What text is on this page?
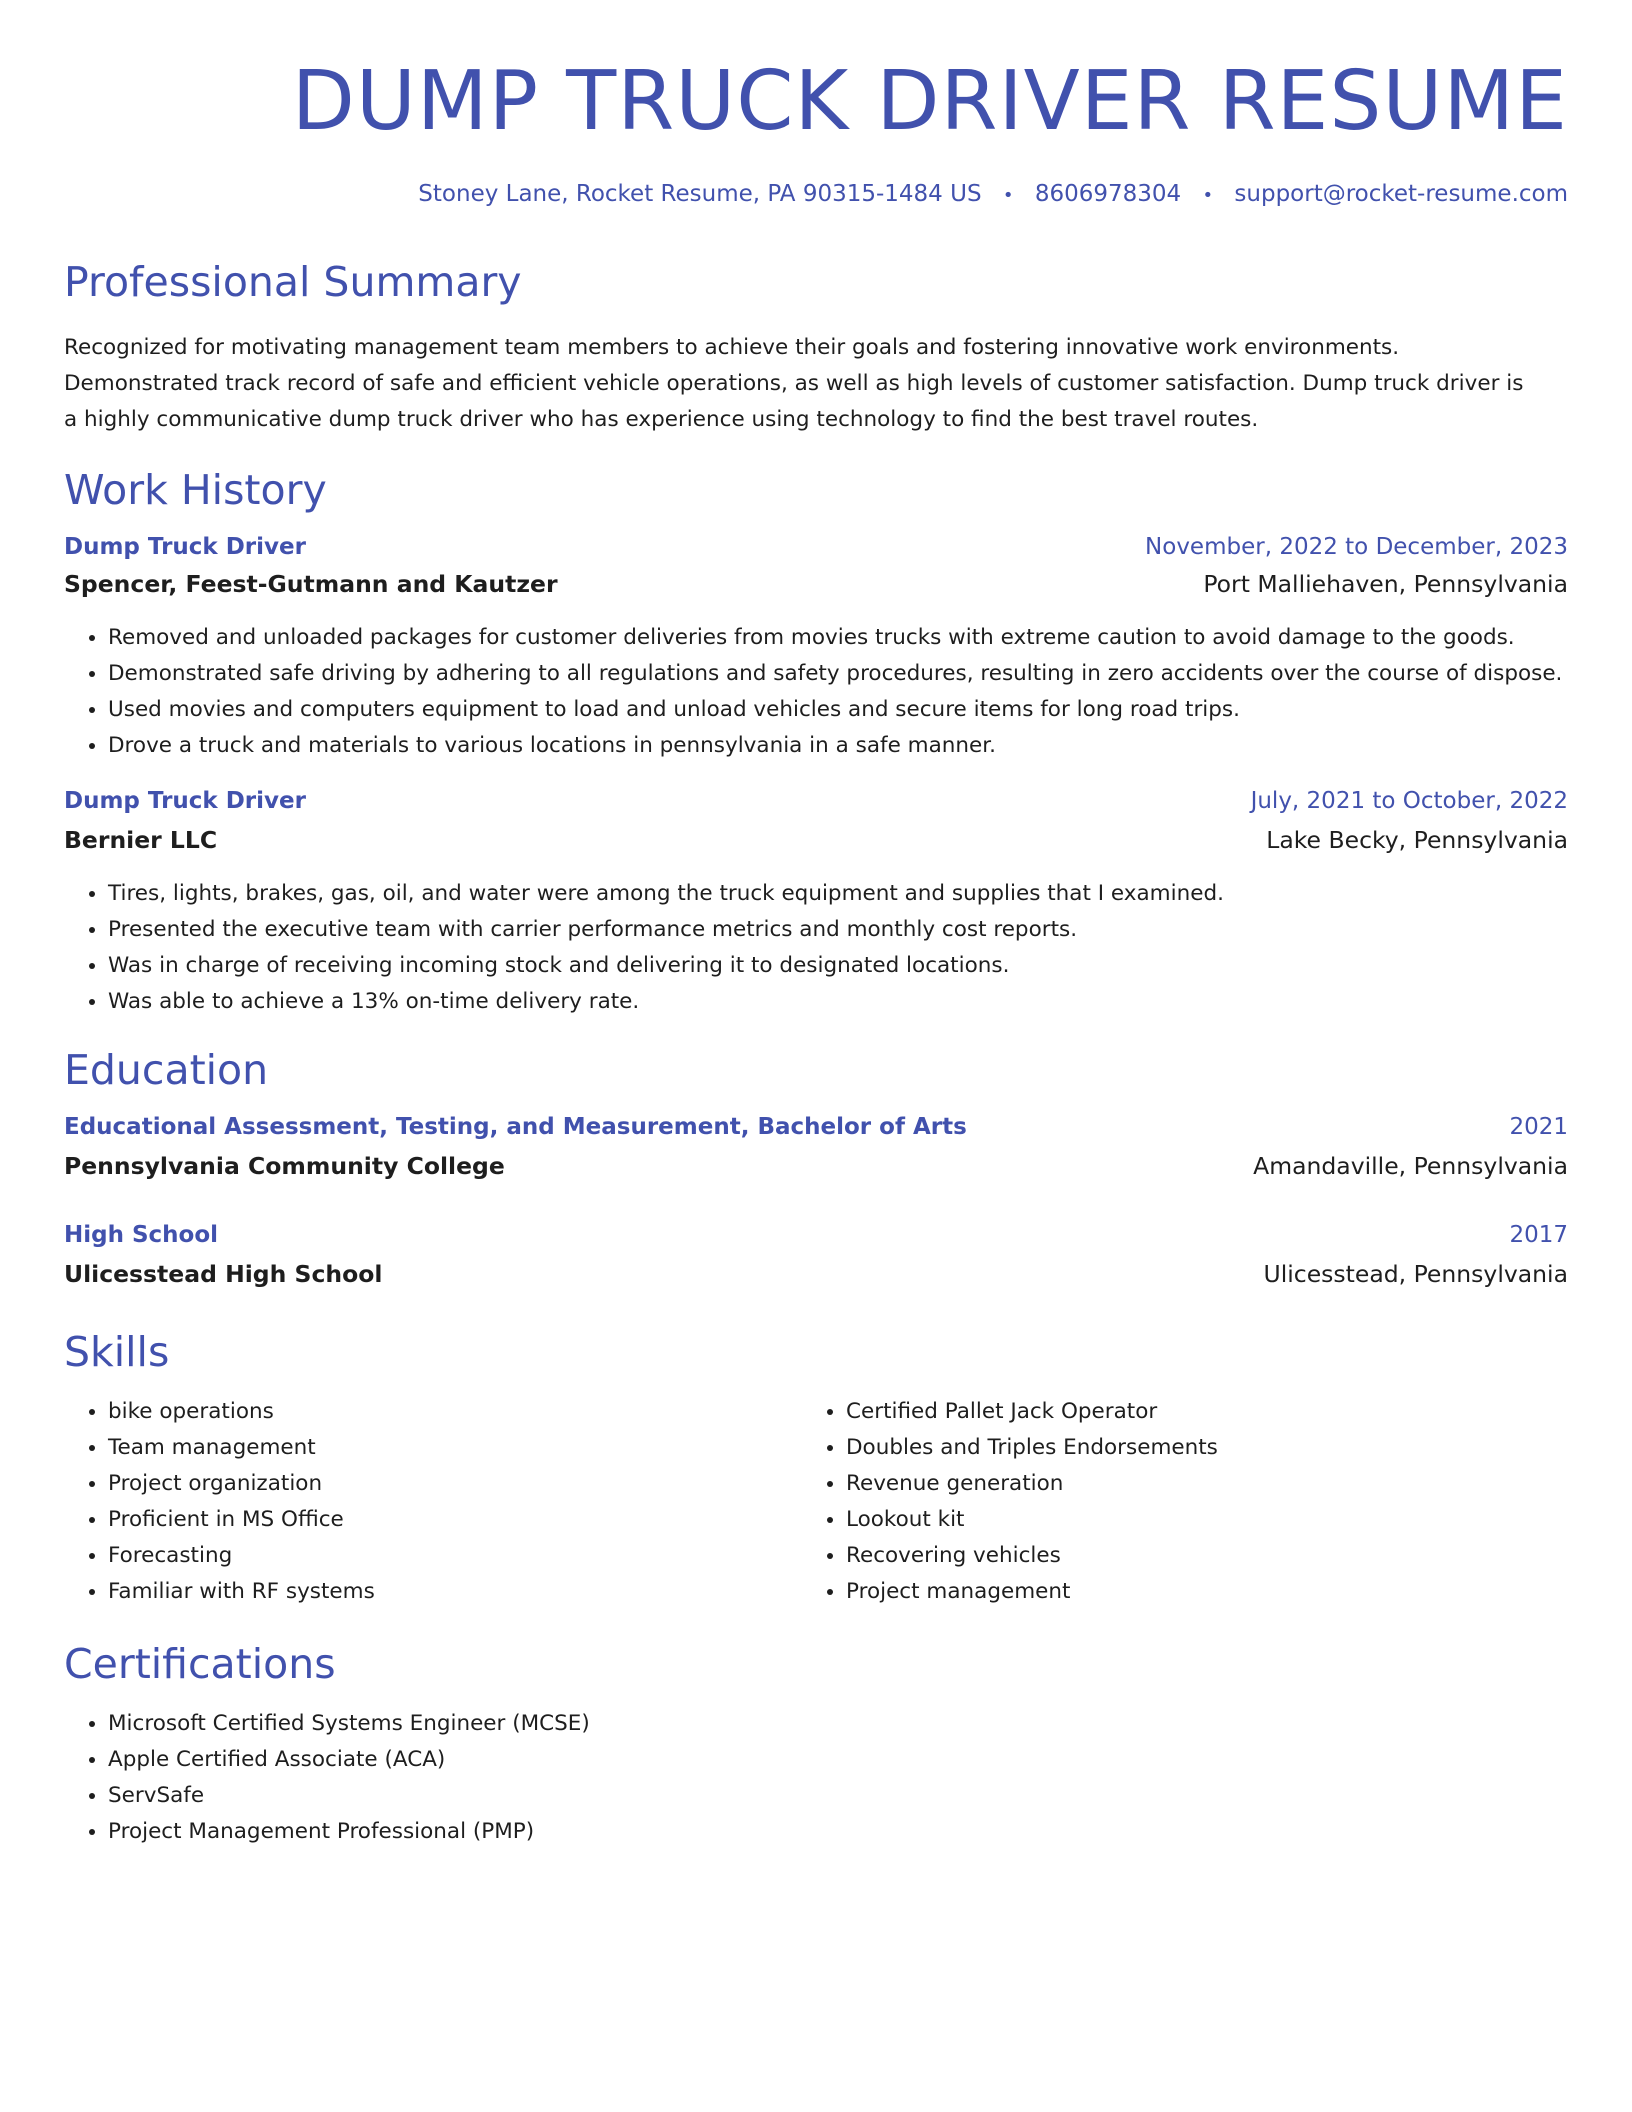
DUMP TRUCK DRIVER RESUME
Stoney Lane, Rocket Resume, PA 90315-1484 US • 8606978304 • support@rocket-resume.com
Professional Summary

Recognized for motivating management team members to achieve their goals and fostering innovative work environments. Demonstrated track record of safe and efficient vehicle operations, as well as high levels of customer satisfaction. Dump truck driver is a highly communicative dump truck driver who has experience using technology to find the best travel routes.

Work History
Dump Truck Driver	November, 2022 to December, 2023
Spencer, Feest-Gutmann and Kautzer	Port Malliehaven, Pennsylvania
• Removed and unloaded packages for customer deliveries from movies trucks with extreme caution to avoid damage to the goods.
• Demonstrated safe driving by adhering to all regulations and safety procedures, resulting in zero accidents over the course of dispose.
• Used movies and computers equipment to load and unload vehicles and secure items for long road trips.
• Drove a truck and materials to various locations in pennsylvania in a safe manner.
Dump Truck Driver	July, 2021 to October, 2022
Bernier LLC	Lake Becky, Pennsylvania
• Tires, lights, brakes, gas, oil, and water were among the truck equipment and supplies that I examined.
• Presented the executive team with carrier performance metrics and monthly cost reports.
• Was in charge of receiving incoming stock and delivering it to designated locations.
• Was able to achieve a 13% on-time delivery rate.
Education
Educational Assessment, Testing, and Measurement, Bachelor of Arts	2021
Pennsylvania Community College	Amandaville, Pennsylvania
High School	2017
Ulicesstead High School	Ulicesstead, Pennsylvania
Skills
• bike operations
• Team management
• Project organization
• Proficient in MS Office
• Forecasting
• Familiar with RF systems
• Certified Pallet Jack Operator
• Doubles and Triples Endorsements
• Revenue generation
• Lookout kit
• Recovering vehicles
• Project management
Certifications
• Microsoft Certified Systems Engineer (MCSE)
• Apple Certified Associate (ACA)
• ServSafe
• Project Management Professional (PMP)
